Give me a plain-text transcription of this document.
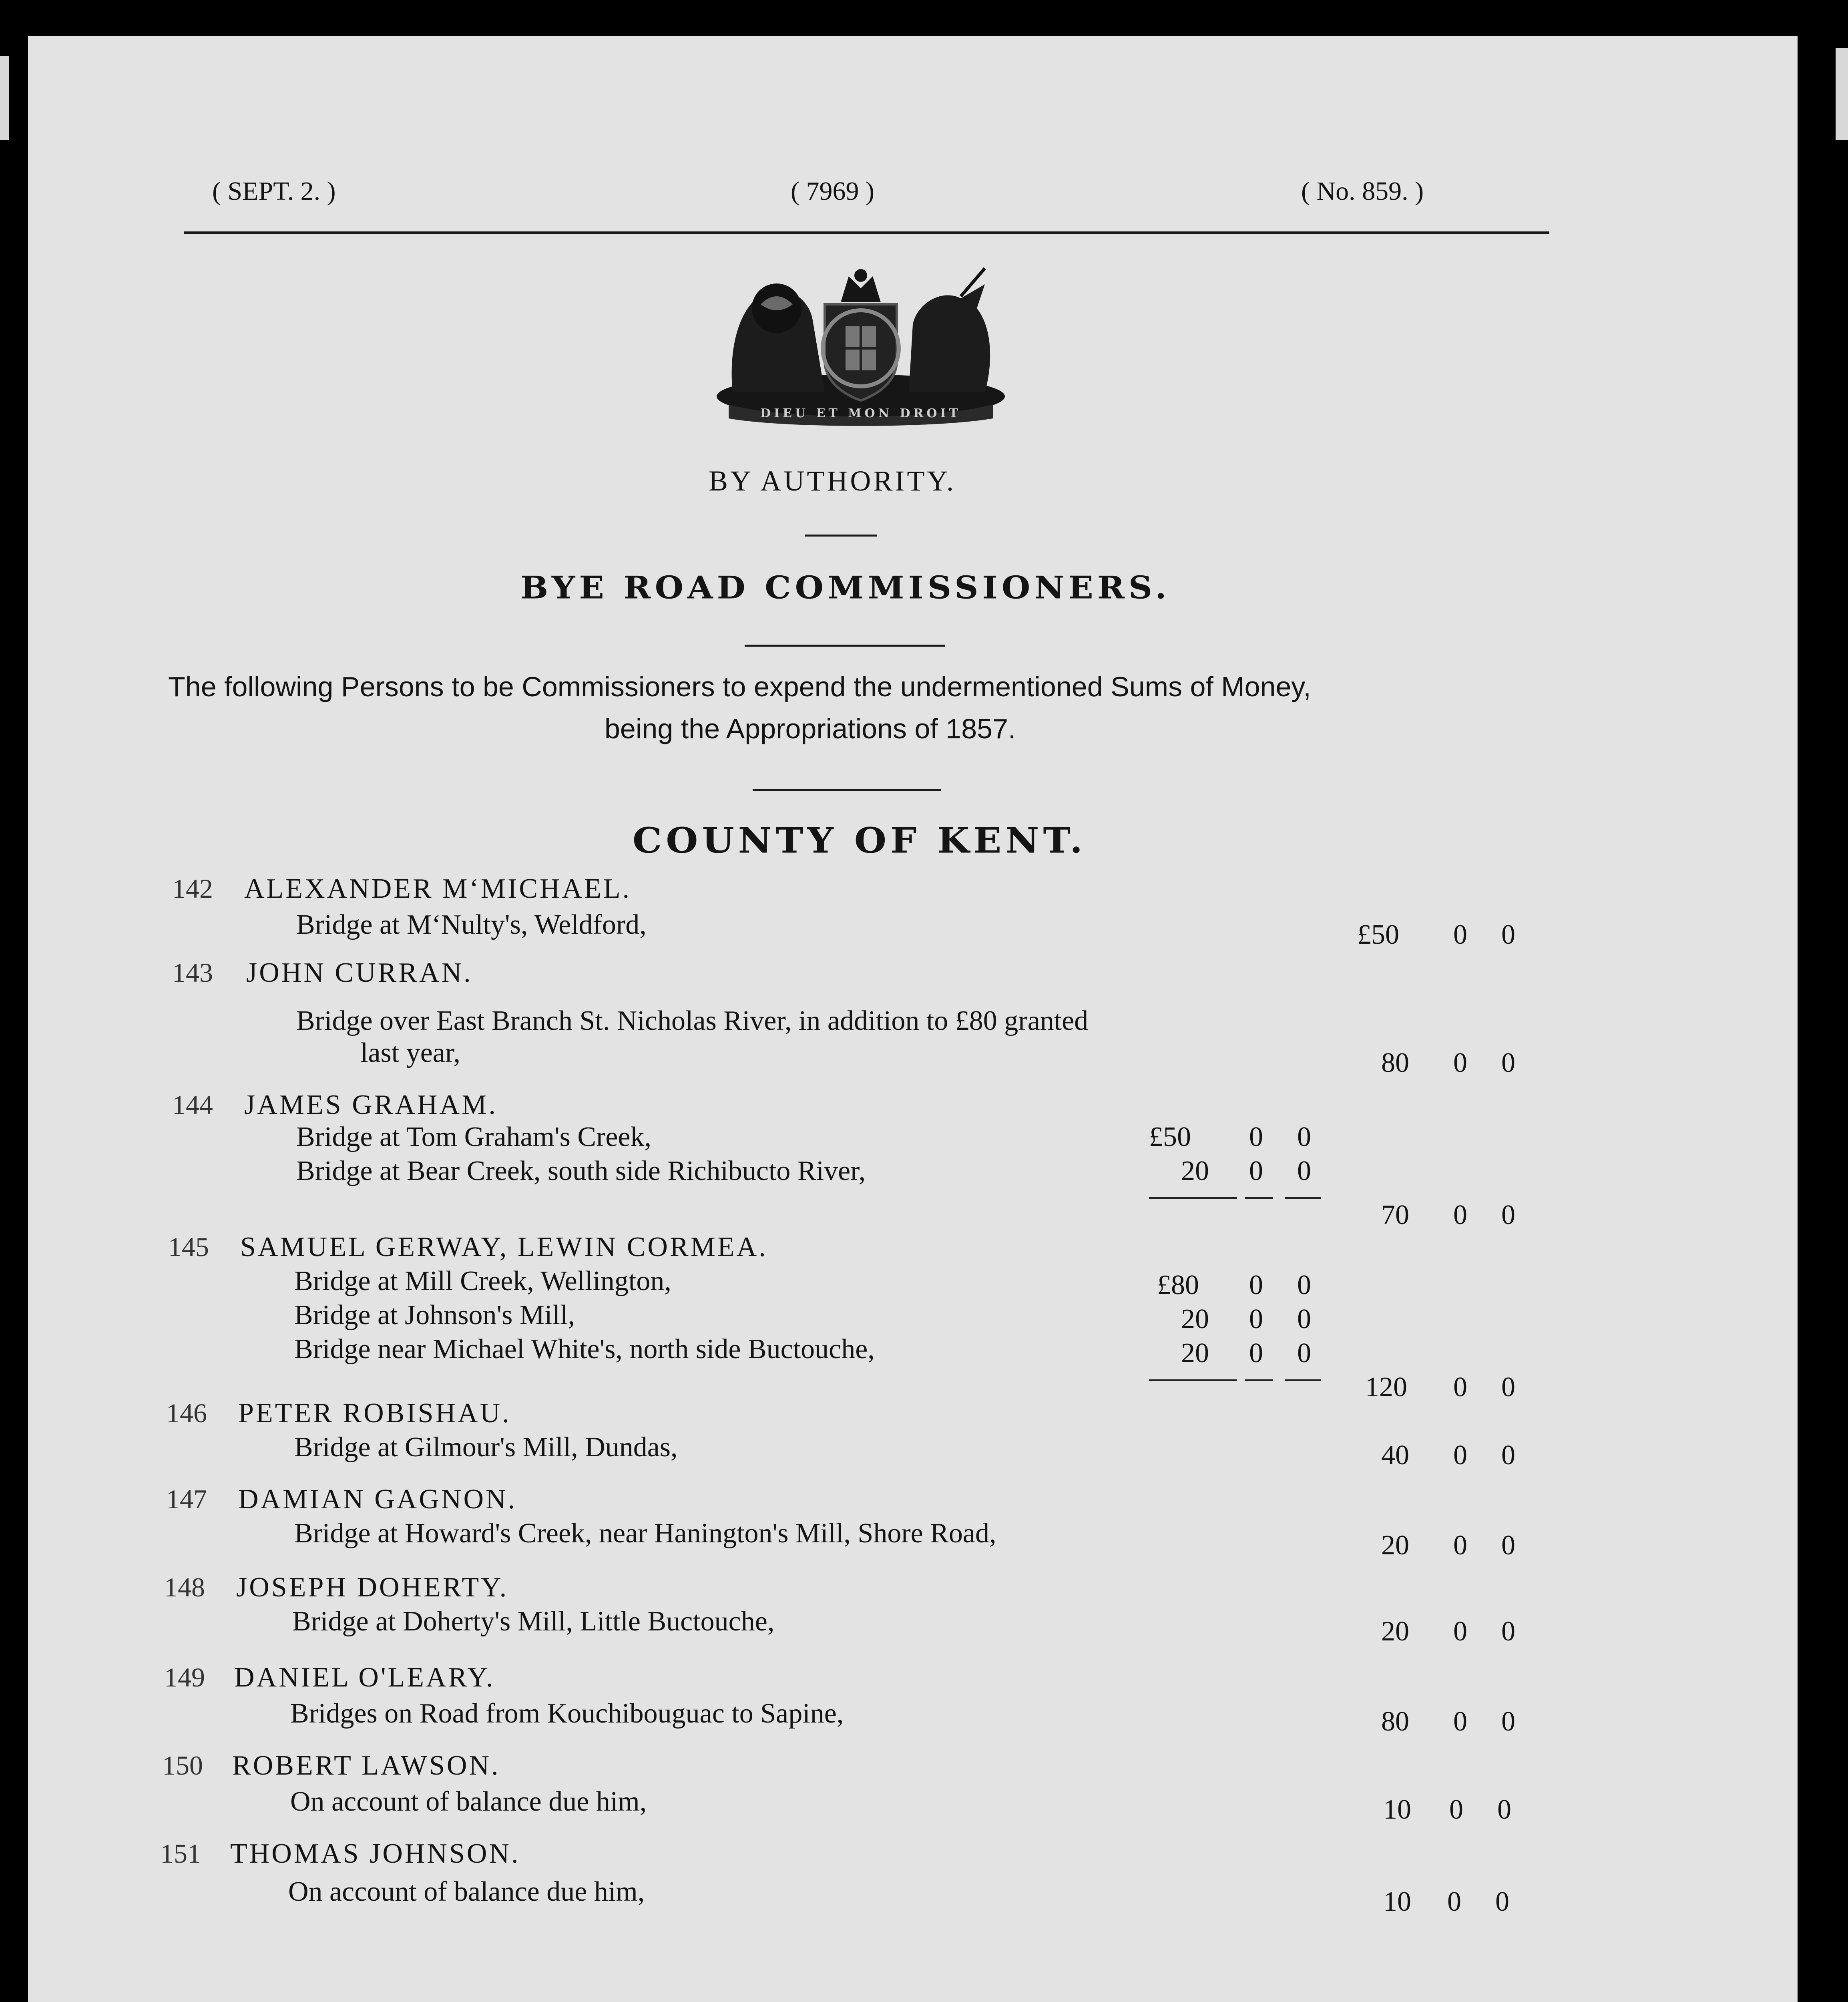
( SEPT. 2. )	( 7969 )	( No. 859. )
DIEU ET MON DROIT
BY AUTHORITY.
BYE ROAD COMMISSIONERS.
The following Persons to be Commissioners to expend the undermentioned Sums of Money,
being the Appropriations of 1857.
COUNTY OF KENT.
142 ALEXANDER M‘MICHAEL.
Bridge at M‘Nulty's, Weldford,	£50 0 0
143 JOHN CURRAN.
Bridge over East Branch St. Nicholas River, in addition to £80 granted
last year,	80 0 0
144 JAMES GRAHAM.
Bridge at Tom Graham's Creek,	£50 0 0
Bridge at Bear Creek, south side Richibucto River,	20 0 0
70 0 0
145 SAMUEL GERWAY, LEWIN CORMEA.
Bridge at Mill Creek, Wellington,	£80 0 0
Bridge at Johnson's Mill,	20 0 0
Bridge near Michael White's, north side Buctouche,	20 0 0
120 0 0
146 PETER ROBISHAU.
Bridge at Gilmour's Mill, Dundas,	40 0 0
147 DAMIAN GAGNON.
Bridge at Howard's Creek, near Hanington's Mill, Shore Road,	20 0 0
148 JOSEPH DOHERTY.
Bridge at Doherty's Mill, Little Buctouche,	20 0 0
149 DANIEL O'LEARY.
Bridges on Road from Kouchibouguac to Sapine,	80 0 0
150 ROBERT LAWSON.
On account of balance due him,	10 0 0
151 THOMAS JOHNSON.
On account of balance due him,	10 0 0
